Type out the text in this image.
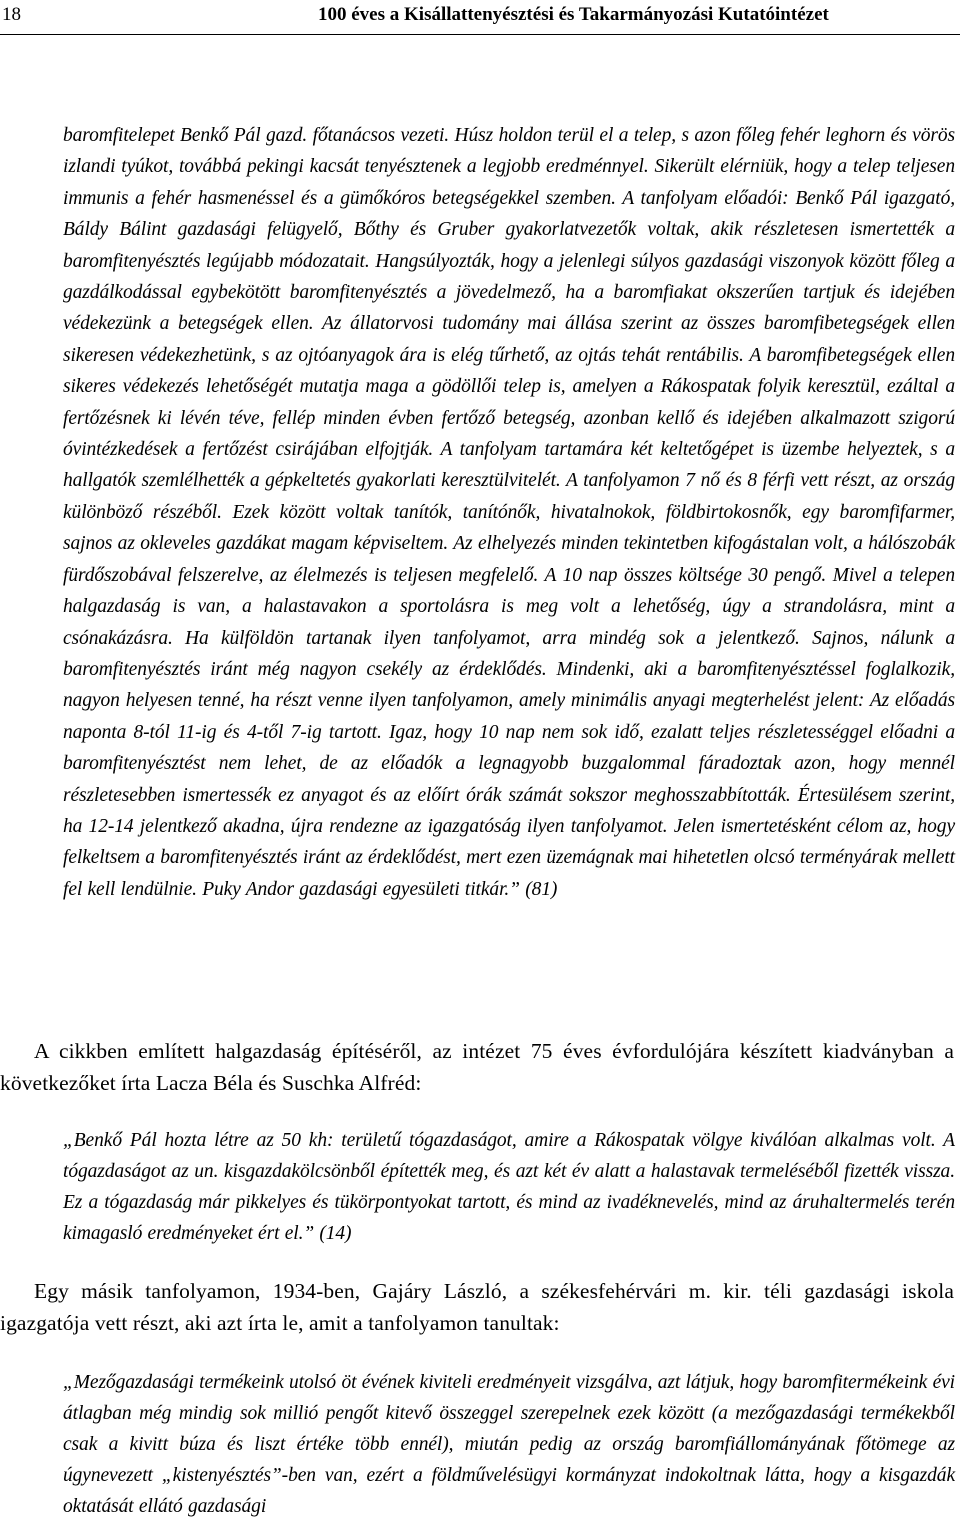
18	100 éves a Kisállattenyésztési és Takarmányozási Kutatóintézet

baromfitelepet Benkő Pál gazd. főtanácsos vezeti. Húsz holdon terül el a telep, s azon főleg fehér leghorn és vörös izlandi tyúkot, továbbá pekingi kacsát tenyésztenek a legjobb eredménnyel. Sikerült elérniük, hogy a telep teljesen immunis a fehér hasmenéssel és a gümőkóros betegségekkel szemben. A tanfolyam előadói: Benkő Pál igazgató, Báldy Bálint gazdasági felügyelő, Bőthy és Gruber gyakorlatvezetők voltak, akik részletesen ismertették a baromfitenyésztés legújabb módozatait. Hangsúlyozták, hogy a jelenlegi súlyos gazdasági viszonyok között főleg a gazdálkodással egybekötött baromfitenyésztés a jövedelmező, ha a baromfiakat okszerűen tartjuk és idejében védekezünk a betegségek ellen. Az állatorvosi tudomány mai állása szerint az összes baromfibetegségek ellen sikeresen védekezhetünk, s az ojtóanyagok ára is elég tűrhető, az ojtás tehát rentábilis. A baromfibetegségek ellen sikeres védekezés lehetőségét mutatja maga a gödöllői telep is, amelyen a Rákospatak folyik keresztül, ezáltal a fertőzésnek ki lévén téve, fellép minden évben fertőző betegség, azonban kellő és idejében alkalmazott szigorú óvintézkedések a fertőzést csirájában elfojtják. A tanfolyam tartamára két keltetőgépet is üzembe helyeztek, s a hallgatók szemlélhették a gépkeltetés gyakorlati keresztülvitelét. A tanfolyamon 7 nő és 8 férfi vett részt, az ország különböző részéből. Ezek között voltak tanítók, tanítónők, hivatalnokok, földbirtokosnők, egy baromfifarmer, sajnos az okleveles gazdákat magam képviseltem. Az elhelyezés minden tekintetben kifogástalan volt, a hálószobák fürdőszobával felszerelve, az élelmezés is teljesen megfelelő. A 10 nap összes költsége 30 pengő. Mivel a telepen halgazdaság is van, a halastavakon a sportolásra is meg volt a lehetőség, úgy a strandolásra, mint a csónakázásra. Ha külföldön tartanak ilyen tanfolyamot, arra mindég sok a jelentkező. Sajnos, nálunk a baromfitenyésztés iránt még nagyon csekély az érdeklődés. Mindenki, aki a baromfitenyésztéssel foglalkozik, nagyon helyesen tenné, ha részt venne ilyen tanfolyamon, amely minimális anyagi megterhelést jelent: Az előadás naponta 8-tól 11-ig és 4-től 7-ig tartott. Igaz, hogy 10 nap nem sok idő, ezalatt teljes részletességgel előadni a baromfitenyésztést nem lehet, de az előadók a legnagyobb buzgalommal fáradoztak azon, hogy mennél részletesebben ismertessék ez anyagot és az előírt órák számát sokszor meghosszabbították. Értesülésem szerint, ha 12-14 jelentkező akadna, újra rendezne az igazgatóság ilyen tanfolyamot. Jelen ismertetésként célom az, hogy felkeltsem a baromfitenyésztés iránt az érdeklődést, mert ezen üzemágnak mai hihetetlen olcsó terményárak mellett fel kell lendülnie. Puky Andor gazdasági egyesületi titkár.” (81)

A cikkben említett halgazdaság építéséről, az intézet 75 éves évfordulójára készített kiadványban a következőket írta Lacza Béla és Suschka Alfréd:

„Benkő Pál hozta létre az 50 kh: területű tógazdaságot, amire a Rákospatak völgye kiválóan alkalmas volt. A tógazdaságot az un. kisgazdakölcsönből építették meg, és azt két év alatt a halastavak termeléséből fizették vissza. Ez a tógazdaság már pikkelyes és tükörpontyokat tartott, és mind az ivadéknevelés, mind az áruhaltermelés terén kimagasló eredményeket ért el.” (14)

Egy másik tanfolyamon, 1934-ben, Gajáry László, a székesfehérvári m. kir. téli gazdasági iskola igazgatója vett részt, aki azt írta le, amit a tanfolyamon tanultak:

„Mezőgazdasági termékeink utolsó öt évének kiviteli eredményeit vizsgálva, azt látjuk, hogy baromfitermékeink évi átlagban még mindig sok millió pengőt kitevő összeggel szerepelnek ezek között (a mezőgazdasági termékekből csak a kivitt búza és liszt értéke több ennél), miután pedig az ország baromfiállományának főtömege az úgynevezett „kistenyésztés”-ben van, ezért a földművelésügyi kormányzat indokoltnak látta, hogy a kisgazdák oktatását ellátó gazdasági
